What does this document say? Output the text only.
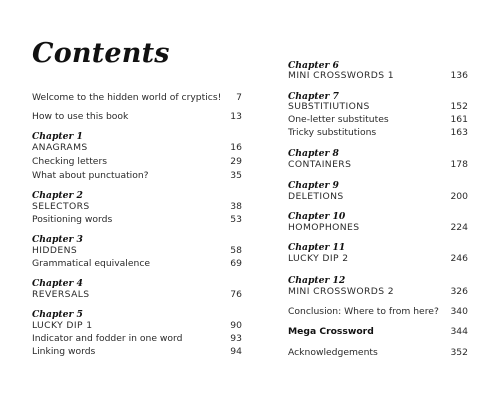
Contents
Welcome to the hidden world of cryptics! 7
How to use this book	13
Chapter 1
ANAGRAMS	16
Checking letters	29
What about punctuation?	35
Chapter 2
SELECTORS	38
Positioning words	53
Chapter 3
HIDDENS	58
Grammatical equivalence	69
Chapter 4
REVERSALS	76
Chapter 5
LUCKY DIP 1	90
Indicator and fodder in one word	93
Linking words	94
Chapter 6
MINI CROSSWORDS 1	136
Chapter 7
SUBSTITIUTIONS	152
One-letter substitutes	161
Tricky substitutions	163
Chapter 8
CONTAINERS	178
Chapter 9
DELETIONS	200
Chapter 10
HOMOPHONES	224
Chapter 11
LUCKY DIP 2	246
Chapter 12
MINI CROSSWORDS 2	326
Conclusion: Where to from here? 340
Mega Crossword	344
Acknowledgements	352
